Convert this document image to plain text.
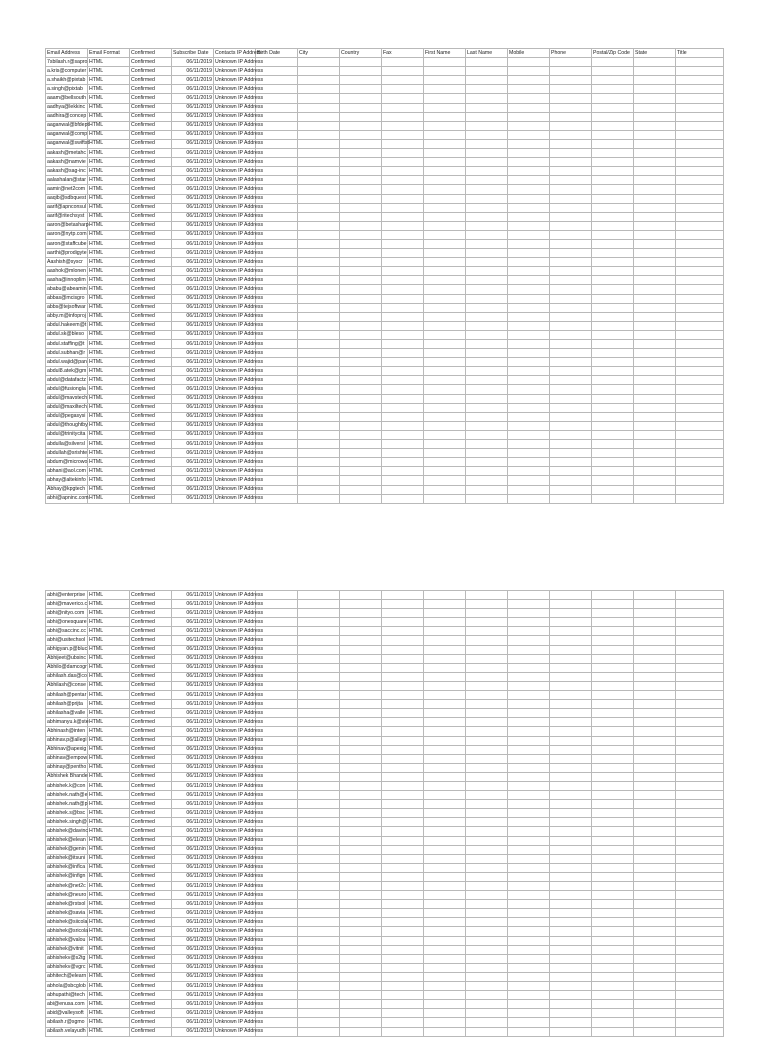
Email Address	Email Format	Confirmed	Subscribe Date	Contacts IP Address	Birth Date	City	Country	Fax	First Name	Last Name	Mobile	Phone	Postal/Zip Code	State	Title
7sbilash.r@sapro	HTML	Confirmed	06/11/2019	Unknown IP Address											
a.kris@computer	HTML	Confirmed	06/11/2019	Unknown IP Address											
a.shaikh@pixtab	HTML	Confirmed	06/11/2019	Unknown IP Address											
a.singh@pixtab	HTML	Confirmed	06/11/2019	Unknown IP Address											
aaam@bellsouth	HTML	Confirmed	06/11/2019	Unknown IP Address											
aadhya@lekkinc	HTML	Confirmed	06/11/2019	Unknown IP Address											
aadhira@concep	HTML	Confirmed	06/11/2019	Unknown IP Address											
aaganwal@bfdept	HTML	Confirmed	06/11/2019	Unknown IP Address											
aaganwal@comp	HTML	Confirmed	06/11/2019	Unknown IP Address											
aaganwal@swiftst	HTML	Confirmed	06/11/2019	Unknown IP Address											
aakash@metahc	HTML	Confirmed	06/11/2019	Unknown IP Address											
aakash@namvie	HTML	Confirmed	06/11/2019	Unknown IP Address											
aakash@sag-inc	HTML	Confirmed	06/11/2019	Unknown IP Address											
aalashalan@star	HTML	Confirmed	06/11/2019	Unknown IP Address											
aamir@net2com	HTML	Confirmed	06/11/2019	Unknown IP Address											
aaqib@sdbquest	HTML	Confirmed	06/11/2019	Unknown IP Address											
aarif@apnconsul	HTML	Confirmed	06/11/2019	Unknown IP Address											
aarif@ritechsyst	HTML	Confirmed	06/11/2019	Unknown IP Address											
aaron@betasharp	HTML	Confirmed	06/11/2019	Unknown IP Address											
aaron@nytp.com	HTML	Confirmed	06/11/2019	Unknown IP Address											
aaron@staffcube	HTML	Confirmed	06/11/2019	Unknown IP Address											
aarthi@prodigyte	HTML	Confirmed	06/11/2019	Unknown IP Address											
Aashish@syscr	HTML	Confirmed	06/11/2019	Unknown IP Address											
aashok@mlonen	HTML	Confirmed	06/11/2019	Unknown IP Address											
aasha@innoplim	HTML	Confirmed	06/11/2019	Unknown IP Address											
ababu@abeamin	HTML	Confirmed	06/11/2019	Unknown IP Address											
abbas@mcisgro	HTML	Confirmed	06/11/2019	Unknown IP Address											
abbs@tejsoftwar	HTML	Confirmed	06/11/2019	Unknown IP Address											
abby.m@infoproj	HTML	Confirmed	06/11/2019	Unknown IP Address											
abdul.hakeem@t	HTML	Confirmed	06/11/2019	Unknown IP Address											
abdul.sk@bleso	HTML	Confirmed	06/11/2019	Unknown IP Address											
abdul.staffing@t	HTML	Confirmed	06/11/2019	Unknown IP Address											
abdul.subhan@r	HTML	Confirmed	06/11/2019	Unknown IP Address											
abdul.wajid@pan	HTML	Confirmed	06/11/2019	Unknown IP Address											
abdul8.atek@gm	HTML	Confirmed	06/11/2019	Unknown IP Address											
abdul@datafactz	HTML	Confirmed	06/11/2019	Unknown IP Address											
abdul@fusiongla	HTML	Confirmed	06/11/2019	Unknown IP Address											
abdul@mavstech	HTML	Confirmed	06/11/2019	Unknown IP Address											
abdul@maxiltech	HTML	Confirmed	06/11/2019	Unknown IP Address											
abdul@pegasysi	HTML	Confirmed	06/11/2019	Unknown IP Address											
abdul@thoughtby	HTML	Confirmed	06/11/2019	Unknown IP Address											
abdul@trinitycita	HTML	Confirmed	06/11/2019	Unknown IP Address											
abdulla@silversl	HTML	Confirmed	06/11/2019	Unknown IP Address											
abdullah@srishte	HTML	Confirmed	06/11/2019	Unknown IP Address											
abdum@microwo	HTML	Confirmed	06/11/2019	Unknown IP Address											
abhani@aol.com	HTML	Confirmed	06/11/2019	Unknown IP Address											
abhay@altekinfo	HTML	Confirmed	06/11/2019	Unknown IP Address											
Abhay@kpgtech	HTML	Confirmed	06/11/2019	Unknown IP Address											
abhi@apninc.com	HTML	Confirmed	06/11/2019	Unknown IP Address											
abhi@enterprise	HTML	Confirmed	06/11/2019	Unknown IP Address											
abhi@maverico.c	HTML	Confirmed	06/11/2019	Unknown IP Address											
abhi@nityo.com	HTML	Confirmed	06/11/2019	Unknown IP Address											
abhi@onesquare	HTML	Confirmed	06/11/2019	Unknown IP Address											
abhi@saccinc.cc	HTML	Confirmed	06/11/2019	Unknown IP Address											
abhi@usitechsol	HTML	Confirmed	06/11/2019	Unknown IP Address											
abhigyan.p@bluc	HTML	Confirmed	06/11/2019	Unknown IP Address											
Abhijeet@ubsinc	HTML	Confirmed	06/11/2019	Unknown IP Address											
Abhilo@damcogr	HTML	Confirmed	06/11/2019	Unknown IP Address											
abhilash.das@co	HTML	Confirmed	06/11/2019	Unknown IP Address											
Abhilash@conse	HTML	Confirmed	06/11/2019	Unknown IP Address											
abhilash@pentar	HTML	Confirmed	06/11/2019	Unknown IP Address											
abhilash@prijta	HTML	Confirmed	06/11/2019	Unknown IP Address											
abhilasha@valle	HTML	Confirmed	06/11/2019	Unknown IP Address											
abhimanyu.k@ste	HTML	Confirmed	06/11/2019	Unknown IP Address											
Abhinash@inten	HTML	Confirmed	06/11/2019	Unknown IP Address											
abhinav.p@allegi	HTML	Confirmed	06/11/2019	Unknown IP Address											
Abhinav@apexig	HTML	Confirmed	06/11/2019	Unknown IP Address											
abhinav@empow	HTML	Confirmed	06/11/2019	Unknown IP Address											
abhinay@pentho	HTML	Confirmed	06/11/2019	Unknown IP Address											
Abhishek Bhande	HTML	Confirmed	06/11/2019	Unknown IP Address											
abhishek.k@con	HTML	Confirmed	06/11/2019	Unknown IP Address											
abhishek.nath@e	HTML	Confirmed	06/11/2019	Unknown IP Address											
abhishek.nath@p	HTML	Confirmed	06/11/2019	Unknown IP Address											
abhishek.s@bsc	HTML	Confirmed	06/11/2019	Unknown IP Address											
abhishek.singh@	HTML	Confirmed	06/11/2019	Unknown IP Address											
abhishek@davinc	HTML	Confirmed	06/11/2019	Unknown IP Address											
abhishek@elean	HTML	Confirmed	06/11/2019	Unknown IP Address											
abhishek@genin	HTML	Confirmed	06/11/2019	Unknown IP Address											
abhishek@itsuni	HTML	Confirmed	06/11/2019	Unknown IP Address											
abhishek@inflca	HTML	Confirmed	06/11/2019	Unknown IP Address											
abhishek@infign	HTML	Confirmed	06/11/2019	Unknown IP Address											
abhishek@net2c	HTML	Confirmed	06/11/2019	Unknown IP Address											
abhishek@neuro	HTML	Confirmed	06/11/2019	Unknown IP Address											
abhishek@rstsol	HTML	Confirmed	06/11/2019	Unknown IP Address											
abhishek@savia	HTML	Confirmed	06/11/2019	Unknown IP Address											
abhishek@siicola	HTML	Confirmed	06/11/2019	Unknown IP Address											
abhishek@sricola	HTML	Confirmed	06/11/2019	Unknown IP Address											
abhishek@valou	HTML	Confirmed	06/11/2019	Unknown IP Address											
abhishek@vitnit	HTML	Confirmed	06/11/2019	Unknown IP Address											
abhishekv@s2tg	HTML	Confirmed	06/11/2019	Unknown IP Address											
abhishekv@vgrc	HTML	Confirmed	06/11/2019	Unknown IP Address											
abhitech@elearn	HTML	Confirmed	06/11/2019	Unknown IP Address											
abhola@sbcglob	HTML	Confirmed	06/11/2019	Unknown IP Address											
abhupathi@tech	HTML	Confirmed	06/11/2019	Unknown IP Address											
abi@enusa.com	HTML	Confirmed	06/11/2019	Unknown IP Address											
abid@valleysoft	HTML	Confirmed	06/11/2019	Unknown IP Address											
abilash.r@sgmo	HTML	Confirmed	06/11/2019	Unknown IP Address											
abilash.velayudh	HTML	Confirmed	06/11/2019	Unknown IP Address											
